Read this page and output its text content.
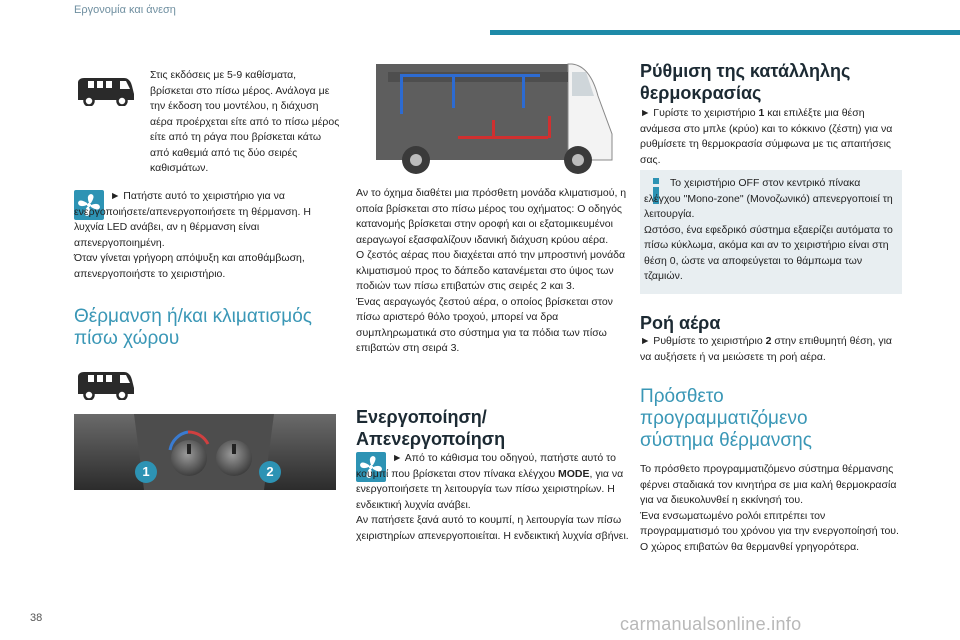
Εργονομία και άνεση

Στις εκδόσεις με 5-9 καθίσματα, βρίσκεται στο πίσω μέρος. Ανάλογα με την έκδοση του μοντέλου, η διάχυση αέρα προέρχεται είτε από το πίσω μέρος είτε από τη ράγα που βρίσκεται κάτω από καθεμιά από τις δύο σειρές καθισμάτων.

► Πατήστε αυτό το χειριστήριο για να ενεργοποιήσετε/απενεργοποιήσετε τη θέρμανση. Η λυχνία LED ανάβει, αν η θέρμανση είναι απενεργοποιημένη.

Όταν γίνεται γρήγορη απόψυξη και αποθάμβωση, απενεργοποιήστε το χειριστήριο.

Θέρμανση ή/και κλιματισμός πίσω χώρου
1	2

Αν το όχημα διαθέτει μια πρόσθετη μονάδα κλιματισμού, η οποία βρίσκεται στο πίσω μέρος του οχήματος: Ο οδηγός κατανομής βρίσκεται στην οροφή και οι εξατομικευμένοι αεραγωγοί εξασφαλίζουν ιδανική διάχυση κρύου αέρα.

Ο ζεστός αέρας που διαχέεται από την μπροστινή μονάδα κλιματισμού προς το δάπεδο κατανέμεται στο ύψος των ποδιών των πίσω επιβατών στις σειρές 2 και 3.

Ένας αεραγωγός ζεστού αέρα, ο οποίος βρίσκεται στον πίσω αριστερό θόλο τροχού, μπορεί να δρα συμπληρωματικά στο σύστημα για τα πόδια των πίσω επιβατών στη σειρά 3.

Ενεργοποίηση/ Απενεργοποίηση

► Από το κάθισμα του οδηγού, πατήστε αυτό το κουμπί που βρίσκεται στον πίνακα ελέγχου MODE, για να ενεργοποιήσετε τη λειτουργία των πίσω χειριστηρίων. Η ενδεικτική λυχνία ανάβει.

Αν πατήσετε ξανά αυτό το κουμπί, η λειτουργία των πίσω χειριστηρίων απενεργοποιείται. Η ενδεικτική λυχνία σβήνει.

Ρύθμιση της κατάλληλης θερμοκρασίας

► Γυρίστε το χειριστήριο 1 και επιλέξτε μια θέση ανάμεσα στο μπλε (κρύο) και το κόκκινο (ζέστη) για να ρυθμίσετε τη θερμοκρασία σύμφωνα με τις απαιτήσεις σας.

Το χειριστήριο OFF στον κεντρικό πίνακα ελέγχου "Mono-zone" (Μονοζωνικό) απενεργοποιεί τη λειτουργία.
Ωστόσο, ένα εφεδρικό σύστημα εξαερίζει αυτόματα το πίσω κύκλωμα, ακόμα και αν το χειριστήριο είναι στη θέση 0, ώστε να αποφεύγεται το θάμπωμα των τζαμιών.

Ροή αέρα

► Ρυθμίστε το χειριστήριο 2 στην επιθυμητή θέση, για να αυξήσετε ή να μειώσετε τη ροή αέρα.

Πρόσθετο προγραμματιζόμενο σύστημα θέρμανσης

Το πρόσθετο προγραμματιζόμενο σύστημα θέρμανσης φέρνει σταδιακά τον κινητήρα σε μια καλή θερμοκρασία για να διευκολυνθεί η εκκίνησή του.

Ένα ενσωματωμένο ρολόι επιτρέπει τον προγραμματισμό του χρόνου για την ενεργοποίησή του. Ο χώρος επιβατών θα θερμανθεί γρηγορότερα.

38	carmanualsonline.info
